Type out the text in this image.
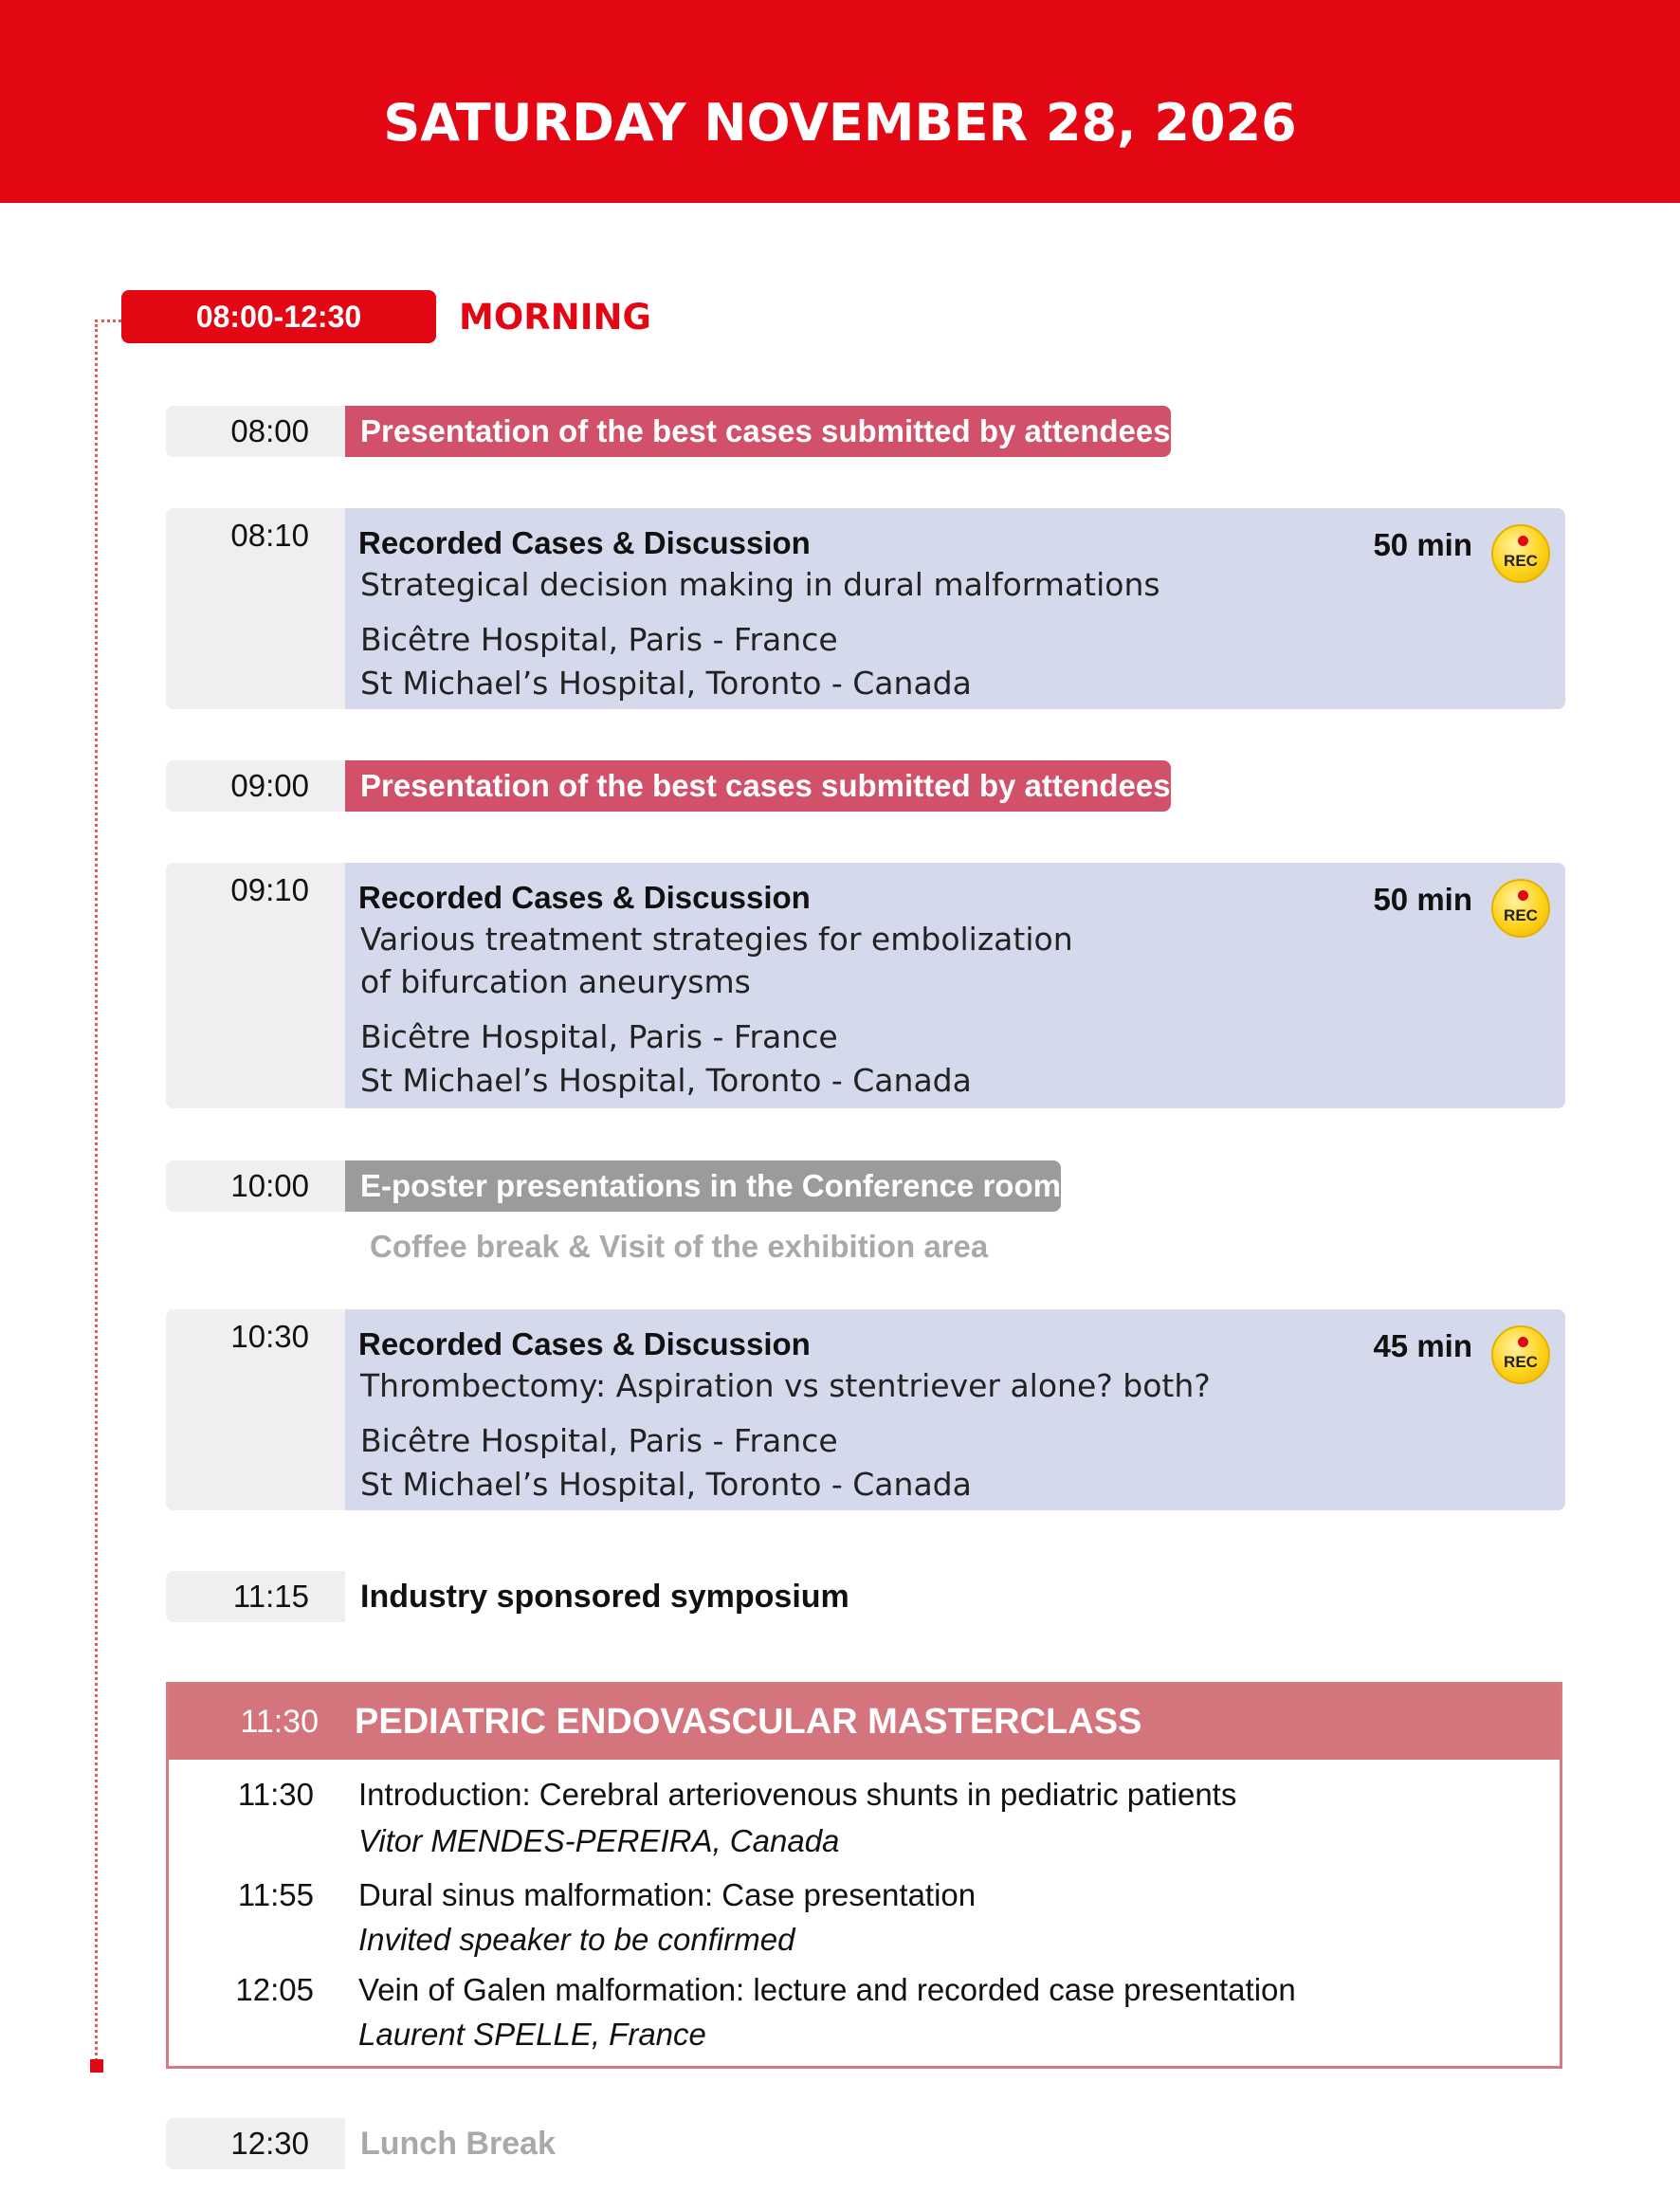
SATURDAY NOVEMBER 28, 2026
08:00-12:30	MORNING
08:00	Presentation of the best cases submitted by attendees
08:10	Recorded Cases & Discussion
Strategical decision making in dural malformations
Bicêtre Hospital, Paris - France
St Michael’s Hospital, Toronto - Canada
50 min	REC
09:00	Presentation of the best cases submitted by attendees
09:10	Recorded Cases & Discussion
Various treatment strategies for embolization
of bifurcation aneurysms
Bicêtre Hospital, Paris - France
St Michael’s Hospital, Toronto - Canada
50 min	REC
10:00	E-poster presentations in the Conference room
Coffee break & Visit of the exhibition area
10:30	Recorded Cases & Discussion
Thrombectomy: Aspiration vs stentriever alone? both?
Bicêtre Hospital, Paris - France
St Michael’s Hospital, Toronto - Canada
45 min	REC
11:15	Industry sponsored symposium
11:30 PEDIATRIC ENDOVASCULAR MASTERCLASS
11:30 Introduction: Cerebral arteriovenous shunts in pediatric patients
Vitor MENDES-PEREIRA, Canada
11:55 Dural sinus malformation: Case presentation
Invited speaker to be confirmed
12:05 Vein of Galen malformation: lecture and recorded case presentation
Laurent SPELLE, France
12:30	Lunch Break
